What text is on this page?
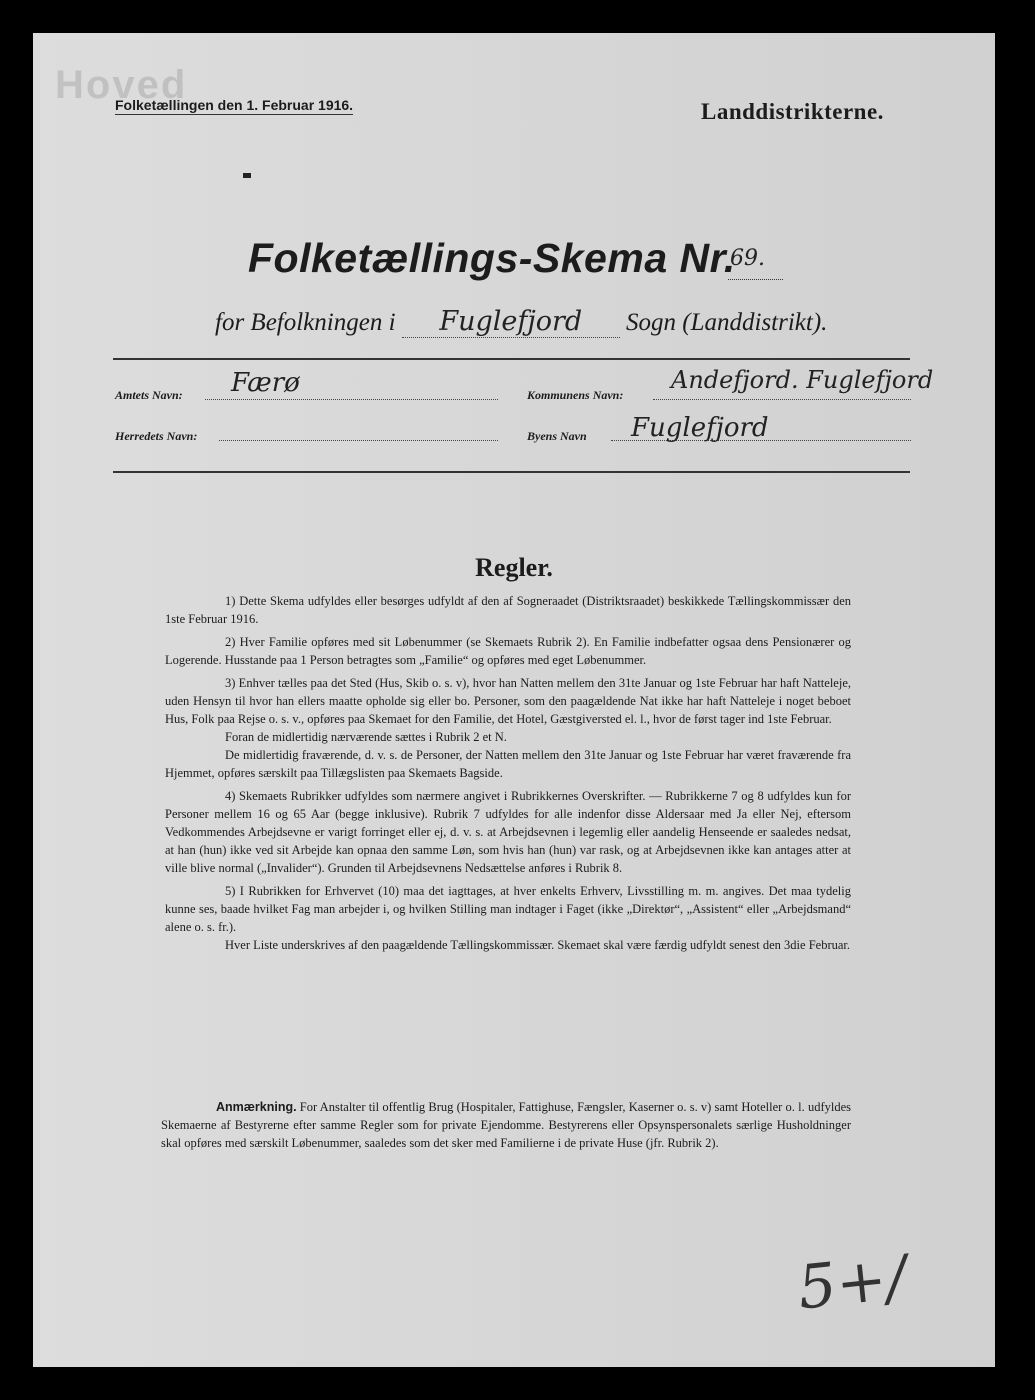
Hoved
Folketællingen den 1. Februar 1916.	Landdistrikterne.
Folketællings-Skema Nr.
69.
for Befolkningen i Fuglefjord Sogn (Landdistrikt).
Amtets Navn: Færø
Herredets Navn:
Kommunens Navn:
Andefjord. Fuglefjord
Byens Navn Fuglefjord
Regler.

1) Dette Skema udfyldes eller besørges udfyldt af den af Sogneraadet (Distriktsraadet) beskikkede Tællingskommissær den 1ste Februar 1916.

2) Hver Familie opføres med sit Løbenummer (se Skemaets Rubrik 2). En Familie indbefatter ogsaa dens Pensionærer og Logerende. Husstande paa 1 Person betragtes som „Familie“ og opføres med eget Løbenummer.

3) Enhver tælles paa det Sted (Hus, Skib o. s. v), hvor han Natten mellem den 31te Januar og 1ste Februar har haft Natteleje, uden Hensyn til hvor han ellers maatte opholde sig eller bo. Personer, som den paagældende Nat ikke har haft Natteleje i noget beboet Hus, Folk paa Rejse o. s. v., opføres paa Skemaet for den Familie, det Hotel, Gæstgiversted el. l., hvor de først tager ind 1ste Februar.

Foran de midlertidig nærværende sættes i Rubrik 2 et N.

De midlertidig fraværende, d. v. s. de Personer, der Natten mellem den 31te Januar og 1ste Februar har været fraværende fra Hjemmet, opføres særskilt paa Tillægslisten paa Skemaets Bagside.

4) Skemaets Rubrikker udfyldes som nærmere angivet i Rubrikkernes Overskrifter. — Rubrikkerne 7 og 8 udfyldes kun for Personer mellem 16 og 65 Aar (begge inklusive). Rubrik 7 udfyldes for alle indenfor disse Aldersaar med Ja eller Nej, eftersom Vedkommendes Arbejdsevne er varigt forringet eller ej, d. v. s. at Arbejdsevnen i legemlig eller aandelig Henseende er saaledes nedsat, at han (hun) ikke ved sit Arbejde kan opnaa den samme Løn, som hvis han (hun) var rask, og at Arbejdsevnen ikke kan antages atter at ville blive normal („Invalider“). Grunden til Arbejdsevnens Nedsættelse anføres i Rubrik 8.

5) I Rubrikken for Erhvervet (10) maa det iagttages, at hver enkelts Erhverv, Livsstilling m. m. angives. Det maa tydelig kunne ses, baade hvilket Fag man arbejder i, og hvilken Stilling man indtager i Faget (ikke „Direktør“, „Assistent“ eller „Arbejdsmand“ alene o. s. fr.).

Hver Liste underskrives af den paagældende Tællingskommissær. Skemaet skal være færdig udfyldt senest den 3die Februar.

Anmærkning. For Anstalter til offentlig Brug (Hospitaler, Fattighuse, Fængsler, Kaserner o. s. v) samt Hoteller o. l. udfyldes Skemaerne af Bestyrerne efter samme Regler som for private Ejendomme. Bestyrerens eller Opsynspersonalets særlige Husholdninger skal opføres med særskilt Løbenummer, saaledes som det sker med Familierne i de private Huse (jfr. Rubrik 2).
5+/
